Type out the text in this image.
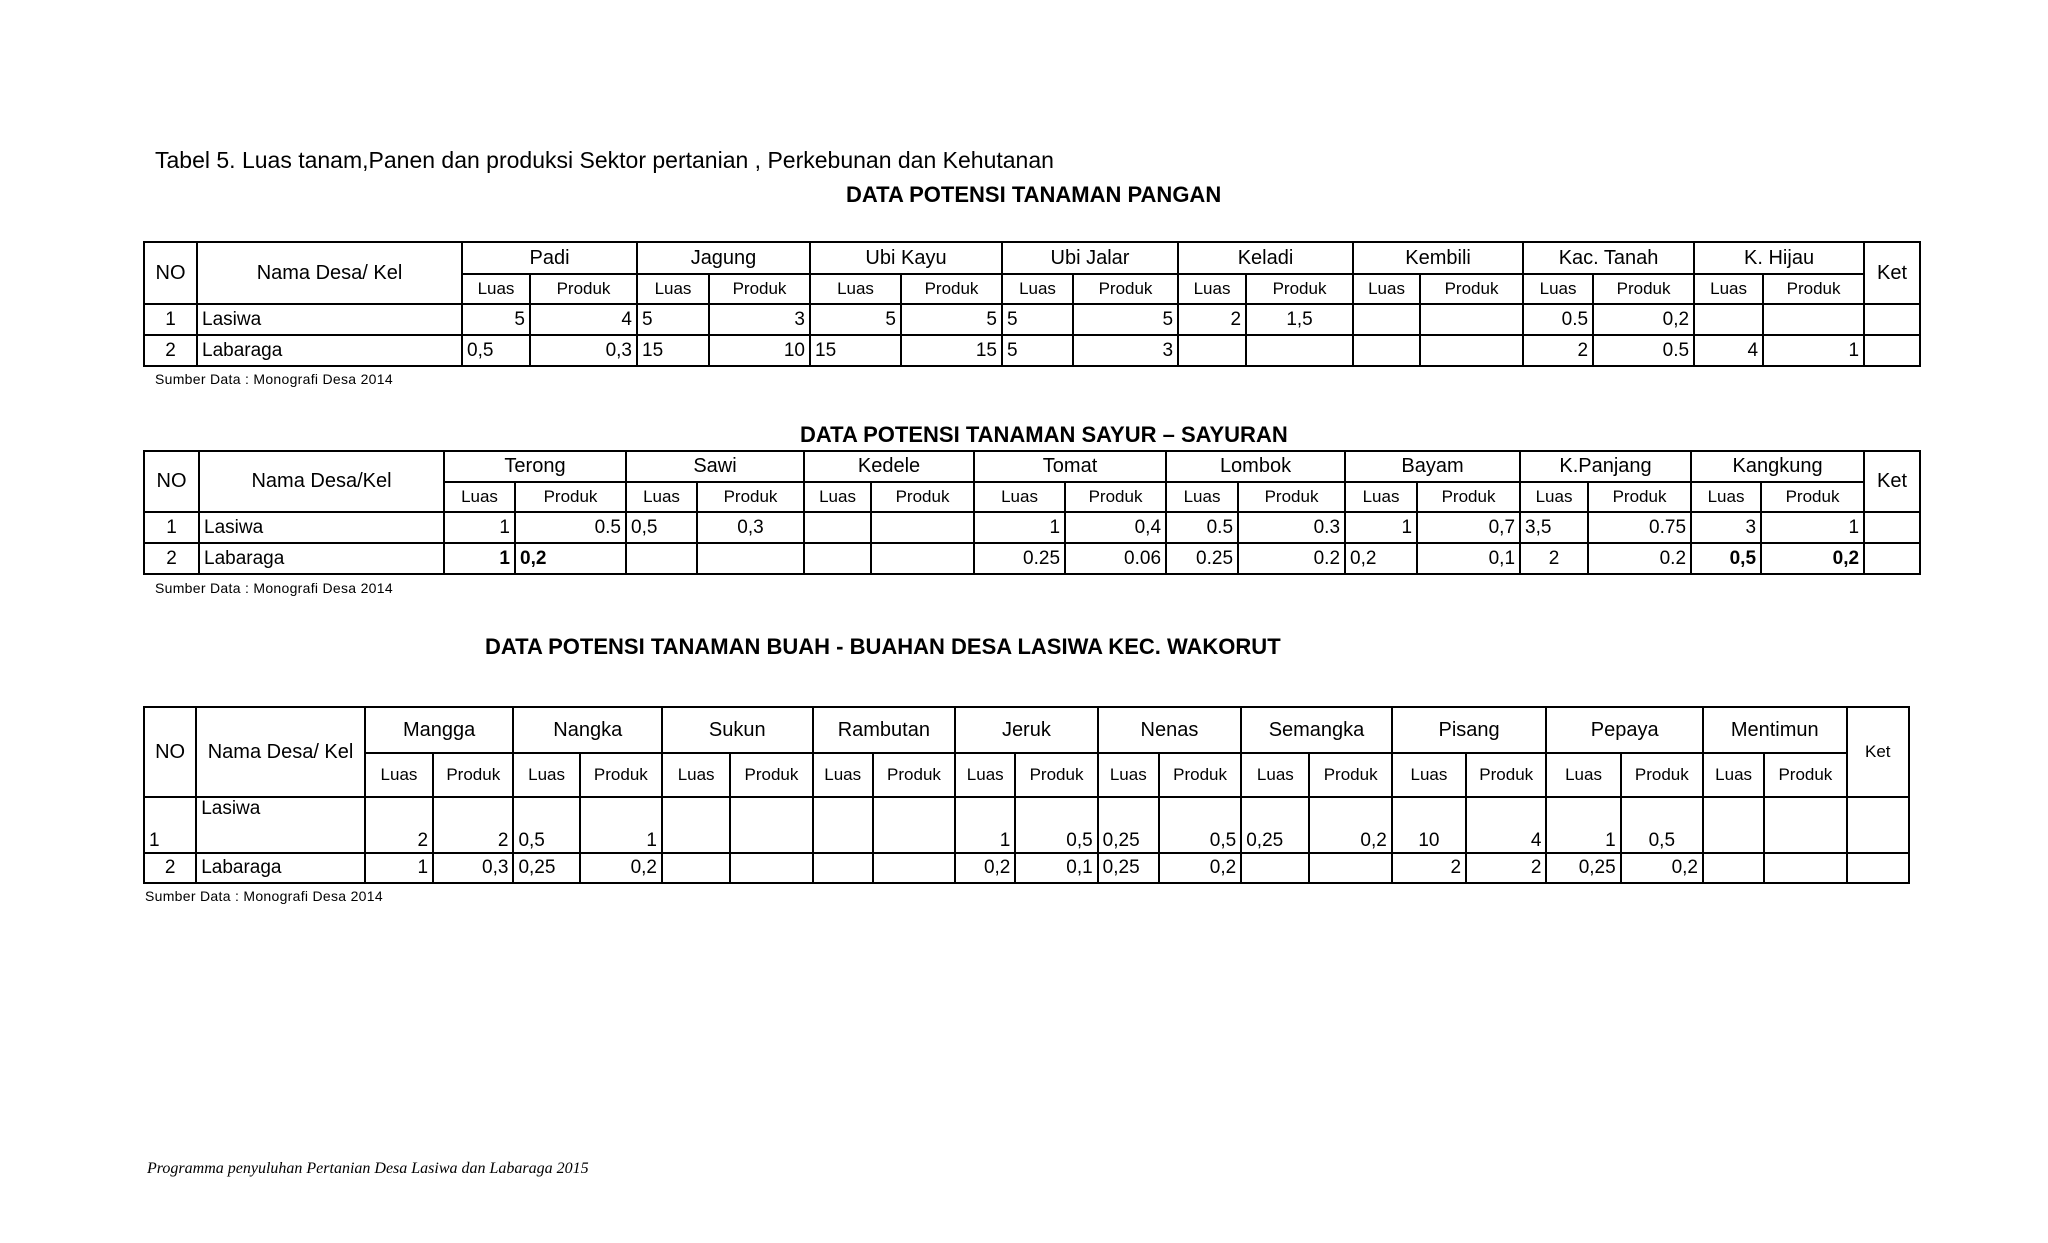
Tabel 5. Luas tanam,Panen dan produksi Sektor pertanian , Perkebunan dan Kehutanan
DATA POTENSI TANAMAN PANGAN
NO	Nama Desa/ Kel	Padi		Jagung		Ubi Kayu		Ubi Jalar		Keladi		Kembili		Kac. Tanah		K. Hijau		Ket
		Luas	Produk	Luas	Produk	Luas	Produk	Luas	Produk	Luas	Produk	Luas	Produk	Luas	Produk	Luas	Produk	
1	Lasiwa	5	4	5	3	5	5	5	5	2	1,5			0.5	0,2			
2	Labaraga	0,5	0,3	15	10	15	15	5	3					2	0.5	4	1	
Sumber Data : Monografi Desa 2014
DATA POTENSI TANAMAN SAYUR – SAYURAN
NO	Nama Desa/Kel	Terong		Sawi		Kedele		Tomat		Lombok		Bayam		K.Panjang		Kangkung		Ket
		Luas	Produk	Luas	Produk	Luas	Produk	Luas	Produk	Luas	Produk	Luas	Produk	Luas	Produk	Luas	Produk	
1	Lasiwa	1	0.5	0,5	0,3			1	0,4	0.5	0.3	1	0,7	3,5	0.75	3	1	
2	Labaraga	1	0,2					0.25	0.06	0.25	0.2	0,2	0,1	2	0.2	0,5	0,2	
Sumber Data : Monografi Desa 2014
DATA POTENSI TANAMAN BUAH - BUAHAN DESA LASIWA KEC. WAKORUT
NO	Nama Desa/ Kel	Mangga		Nangka		Sukun		Rambutan		Jeruk		Nenas		Semangka		Pisang		Pepaya		Mentimun		Ket
		Luas	Produk	Luas	Produk	Luas	Produk	Luas	Produk	Luas	Produk	Luas	Produk	Luas	Produk	Luas	Produk	Luas	Produk	Luas	Produk	
1	Lasiwa	2	2	0,5	1					1	0,5	0,25	0,5	0,25	0,2	10	4	1	0,5			
2	Labaraga	1	0,3	0,25	0,2					0,2	0,1	0,25	0,2			2	2	0,25	0,2			
Sumber Data : Monografi Desa 2014
Programma penyuluhan Pertanian Desa Lasiwa dan Labaraga 2015
